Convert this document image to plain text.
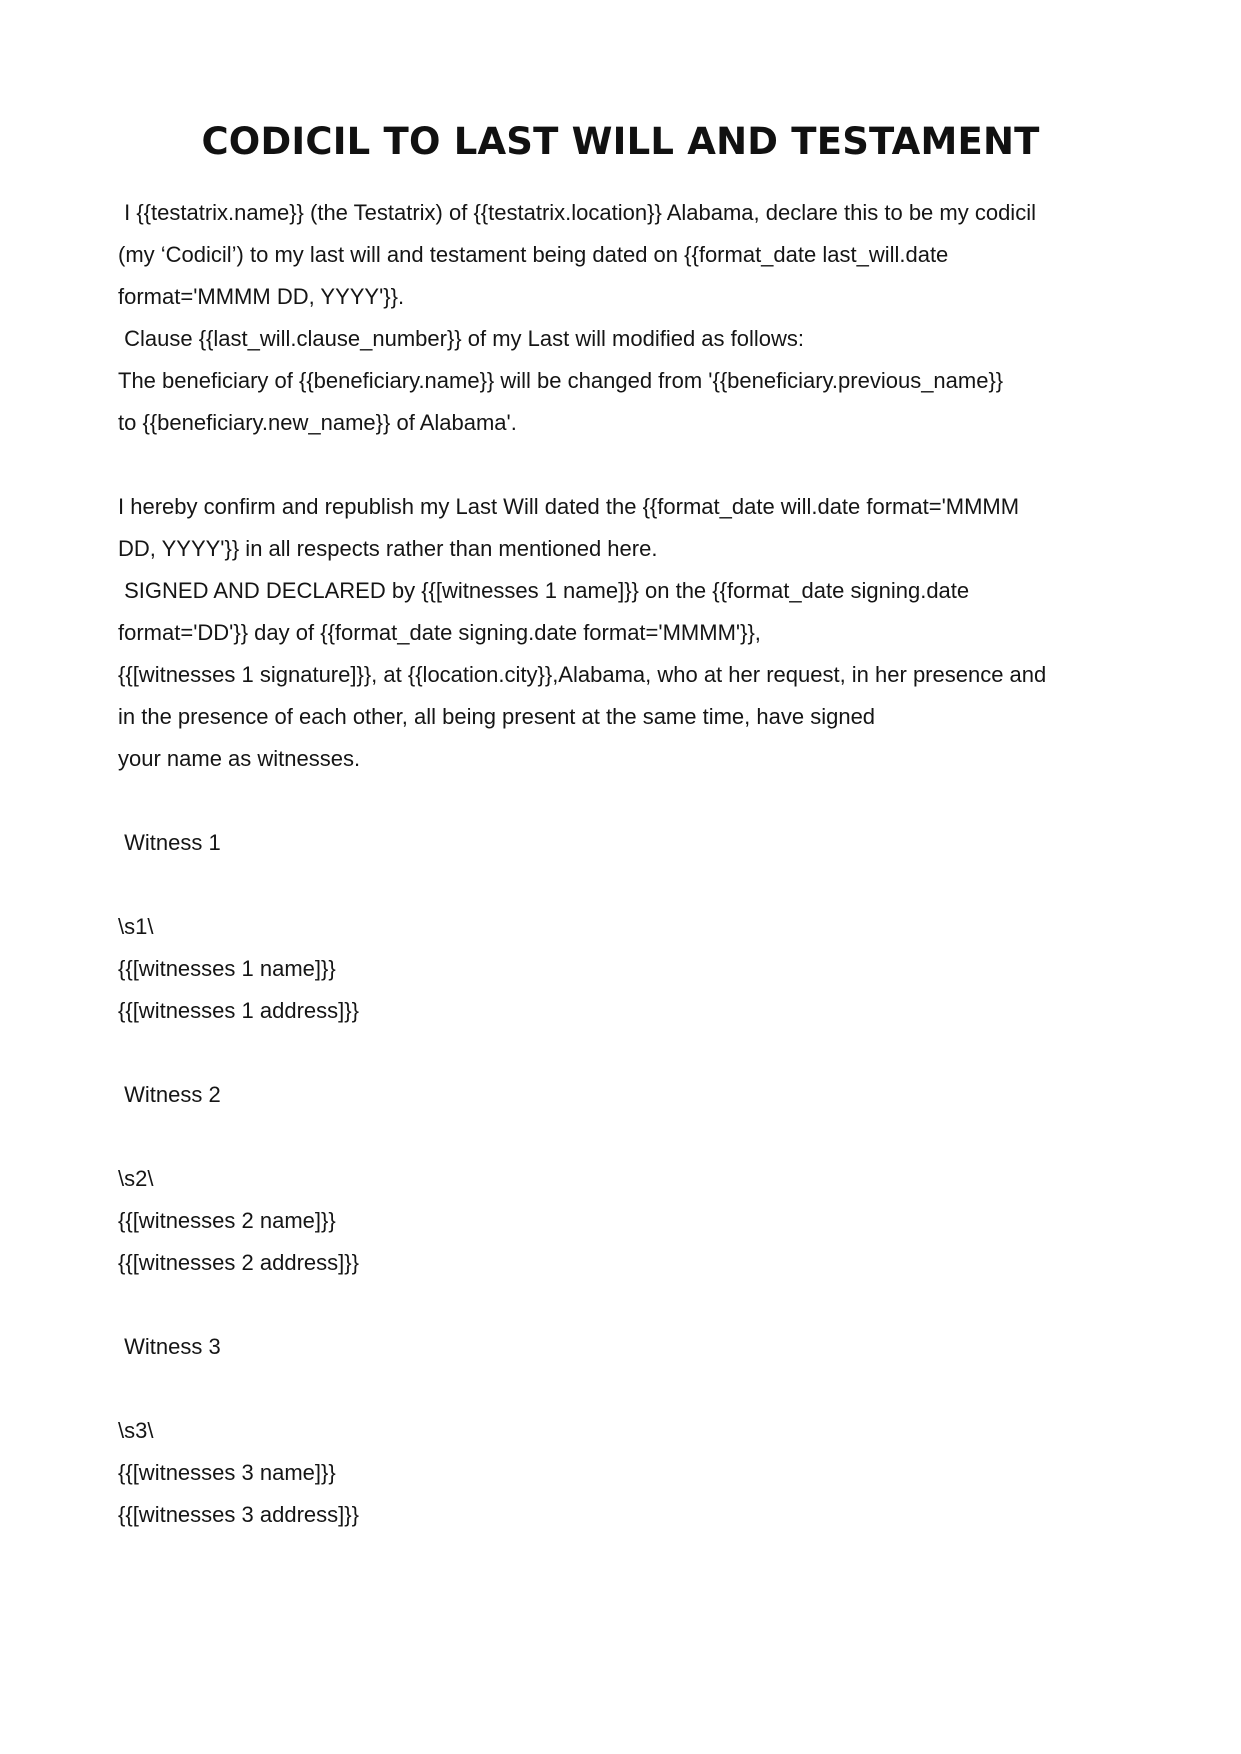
CODICIL TO LAST WILL AND TESTAMENT
I {{testatrix.name}} (the Testatrix) of {{testatrix.location}} Alabama, declare this to be my codicil
(my ‘Codicil’) to my last will and testament being dated on {{format_date last_will.date
format='MMMM DD, YYYY'}}.
Clause {{last_will.clause_number}} of my Last will modified as follows:
The beneficiary of {{beneficiary.name}} will be changed from '{{beneficiary.previous_name}}
to {{beneficiary.new_name}} of Alabama'.
I hereby confirm and republish my Last Will dated the {{format_date will.date format='MMMM
DD, YYYY'}} in all respects rather than mentioned here.
SIGNED AND DECLARED by {{[witnesses 1 name]}} on the {{format_date signing.date
format='DD'}} day of {{format_date signing.date format='MMMM'}},
{{[witnesses 1 signature]}}, at {{location.city}},Alabama, who at her request, in her presence and
in the presence of each other, all being present at the same time, have signed
your name as witnesses.
Witness 1
\s1\
{{[witnesses 1 name]}}
{{[witnesses 1 address]}}
Witness 2
\s2\
{{[witnesses 2 name]}}
{{[witnesses 2 address]}}
Witness 3
\s3\
{{[witnesses 3 name]}}
{{[witnesses 3 address]}}
